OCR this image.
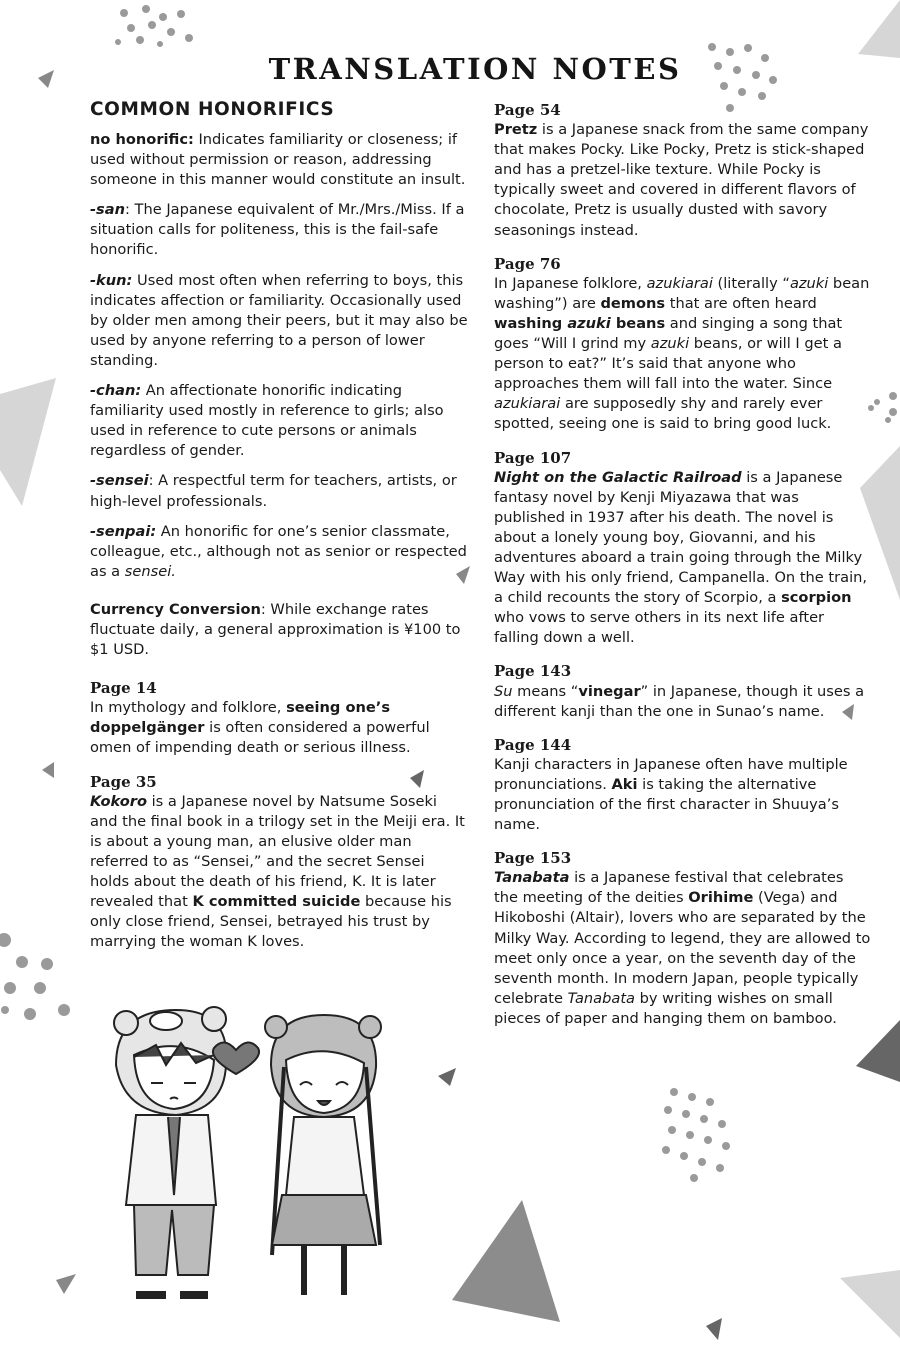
TRANSLATION NOTES
COMMON HONORIFICS

no honorific: Indicates familiarity or closeness; if used without permission or reason, addressing someone in this manner would constitute an insult.

-san: The Japanese equivalent of Mr./Mrs./Miss. If a situation calls for politeness, this is the fail-safe honorific.

-kun: Used most often when referring to boys, this indicates affection or familiarity. Occasionally used by older men among their peers, but it may also be used by anyone referring to a person of lower standing.

-chan: An affectionate honorific indicating familiarity used mostly in reference to girls; also used in reference to cute persons or animals regardless of gender.

-sensei: A respectful term for teachers, artists, or high-level professionals.

-senpai: An honorific for one’s senior classmate, colleague, etc., although not as senior or respected as a sensei.

Currency Conversion: While exchange rates fluctuate daily, a general approximation is ¥100 to $1 USD.

Page 14

In mythology and folklore, seeing one’s doppelgänger is often considered a powerful omen of impending death or serious illness.

Page 35

Kokoro is a Japanese novel by Natsume Soseki and the final book in a trilogy set in the Meiji era. It is about a young man, an elusive older man referred to as “Sensei,” and the secret Sensei holds about the death of his friend, K. It is later revealed that K committed suicide because his only close friend, Sensei, betrayed his trust by marrying the woman K loves.

Page 54

Pretz is a Japanese snack from the same company that makes Pocky. Like Pocky, Pretz is stick-shaped and has a pretzel-like texture. While Pocky is typically sweet and covered in different flavors of chocolate, Pretz is usually dusted with savory seasonings instead.

Page 76

In Japanese folklore, azukiarai (literally “azuki bean washing”) are demons that are often heard washing azuki beans and singing a song that goes “Will I grind my azuki beans, or will I get a person to eat?” It’s said that anyone who approaches them will fall into the water. Since azukiarai are supposedly shy and rarely ever spotted, seeing one is said to bring good luck.

Page 107

Night on the Galactic Railroad is a Japanese fantasy novel by Kenji Miyazawa that was published in 1937 after his death. The novel is about a lonely young boy, Giovanni, and his adventures aboard a train going through the Milky Way with his only friend, Campanella. On the train, a child recounts the story of Scorpio, a scorpion who vows to serve others in its next life after falling down a well.

Page 143

Su means “vinegar” in Japanese, though it uses a different kanji than the one in Sunao’s name.

Page 144

Kanji characters in Japanese often have multiple pronunciations. Aki is taking the alternative pronunciation of the first character in Shuuya’s name.

Page 153

Tanabata is a Japanese festival that celebrates the meeting of the deities Orihime (Vega) and Hikoboshi (Altair), lovers who are separated by the Milky Way. According to legend, they are allowed to meet only once a year, on the seventh day of the seventh month. In modern Japan, people typically celebrate Tanabata by writing wishes on small pieces of paper and hanging them on bamboo.
